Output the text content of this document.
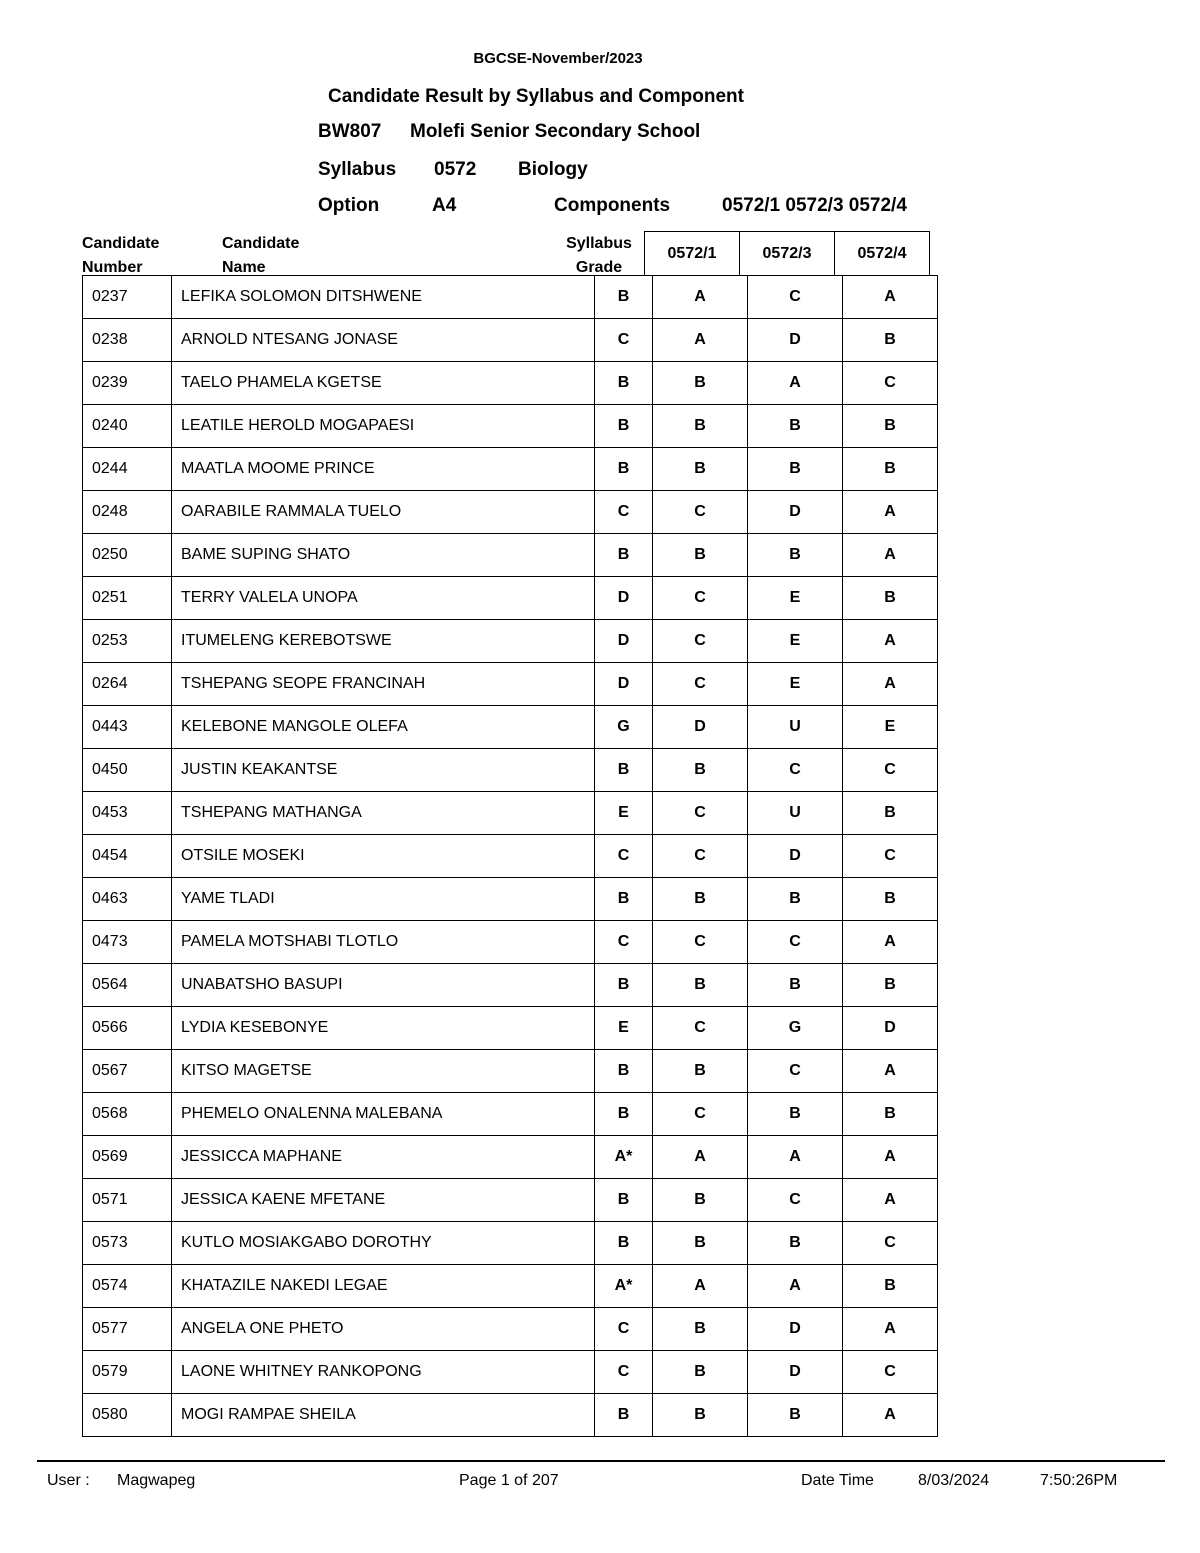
BGCSE-November/2023
Candidate Result by Syllabus and Component
BW807 Molefi Senior Secondary School
Syllabus 0572 Biology
Option	A4	Components	0572/1 0572/3 0572/4
Candidate
Number
Candidate
Name
Syllabus
Grade
0572/1	0572/3	0572/4
0237	LEFIKA SOLOMON DITSHWENE	B	A	C	A
0238	ARNOLD NTESANG JONASE	C	A	D	B
0239	TAELO PHAMELA KGETSE	B	B	A	C
0240	LEATILE HEROLD MOGAPAESI	B	B	B	B
0244	MAATLA MOOME PRINCE	B	B	B	B
0248	OARABILE RAMMALA TUELO	C	C	D	A
0250	BAME SUPING SHATO	B	B	B	A
0251	TERRY VALELA UNOPA	D	C	E	B
0253	ITUMELENG KEREBOTSWE	D	C	E	A
0264	TSHEPANG SEOPE FRANCINAH	D	C	E	A
0443	KELEBONE MANGOLE OLEFA	G	D	U	E
0450	JUSTIN KEAKANTSE	B	B	C	C
0453	TSHEPANG MATHANGA	E	C	U	B
0454	OTSILE MOSEKI	C	C	D	C
0463	YAME TLADI	B	B	B	B
0473	PAMELA MOTSHABI TLOTLO	C	C	C	A
0564	UNABATSHO BASUPI	B	B	B	B
0566	LYDIA KESEBONYE	E	C	G	D
0567	KITSO MAGETSE	B	B	C	A
0568	PHEMELO ONALENNA MALEBANA	B	C	B	B
0569	JESSICCA MAPHANE	A*	A	A	A
0571	JESSICA KAENE MFETANE	B	B	C	A
0573	KUTLO MOSIAKGABO DOROTHY	B	B	B	C
0574	KHATAZILE NAKEDI LEGAE	A*	A	A	B
0577	ANGELA ONE PHETO	C	B	D	A
0579	LAONE WHITNEY RANKOPONG	C	B	D	C
0580	MOGI RAMPAE SHEILA	B	B	B	A
User : Magwapeg	Page 1 of 207	Date Time	8/03/2024	7:50:26PM
